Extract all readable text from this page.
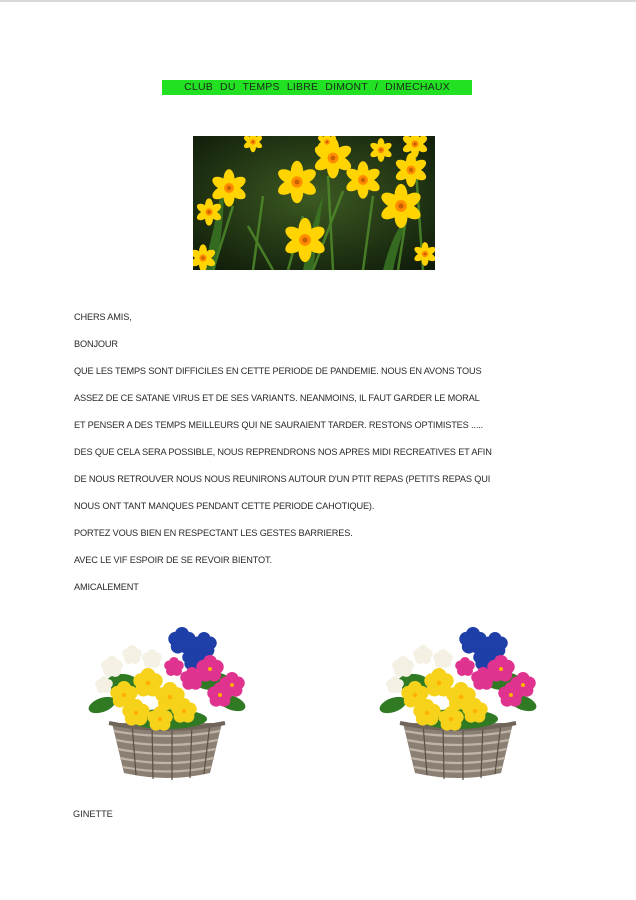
CLUB DU TEMPS LIBRE DIMONT / DIMECHAUX
CHERS AMIS,
BONJOUR
QUE LES TEMPS SONT DIFFICILES EN CETTE PERIODE DE PANDEMIE. NOUS EN AVONS TOUS
ASSEZ DE CE SATANE VIRUS ET DE SES VARIANTS. NEANMOINS, IL FAUT GARDER LE MORAL
ET PENSER A DES TEMPS MEILLEURS QUI NE SAURAIENT TARDER. RESTONS OPTIMISTES .....
DES QUE CELA SERA POSSIBLE, NOUS REPRENDRONS NOS APRES MIDI RECREATIVES ET AFIN
DE NOUS RETROUVER NOUS NOUS REUNIRONS AUTOUR D'UN PTIT REPAS (PETITS REPAS QUI
NOUS ONT TANT MANQUES PENDANT CETTE PERIODE CAHOTIQUE).
PORTEZ VOUS BIEN EN RESPECTANT LES GESTES BARRIERES.
AVEC LE VIF ESPOIR DE SE REVOIR BIENTOT.
AMICALEMENT
GINETTE
